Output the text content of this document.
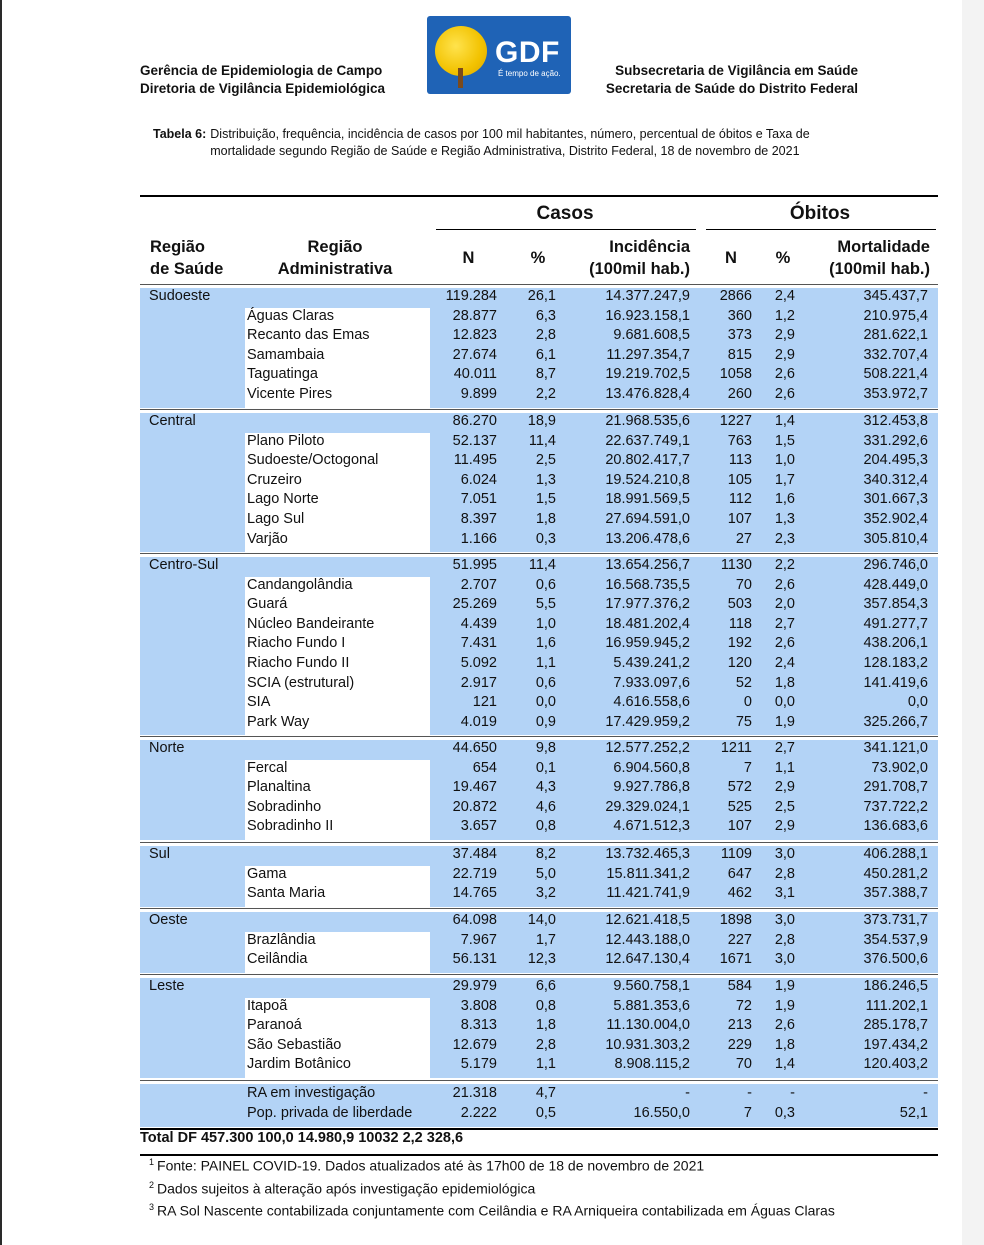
Gerência de Epidemiologia de Campo
Diretoria de Vigilância Epidemiológica
GDF
É tempo de ação.	Subsecretaria de Vigilância em Saúde
Secretaria de Saúde do Distrito Federal
Tabela 6: Distribuição, frequência, incidência de casos por 100 mil habitantes, número, percentual de óbitos e Taxa de mortalidade segundo Região de Saúde e Região Administrativa, Distrito Federal, 18 de novembro de 2021
Casos	Óbitos
Região
de Saúde
Região
Administrativa
N	%
Incidência
(100mil hab.)
N	%
Mortalidade
(100mil hab.)
Sudoeste	119.284 26,1	14.377.247,9 2866 2,4	345.437,7
Águas Claras	28.877	6,3	16.923.158,1	360 1,2	210.975,4
Recanto das Emas	12.823	2,8	9.681.608,5	373 2,9	281.622,1
Samambaia	27.674	6,1	11.297.354,7	815 2,9	332.707,4
Taguatinga	40.011	8,7	19.219.702,5 1058 2,6	508.221,4
Vicente Pires	9.899	2,2	13.476.828,4	260 2,6	353.972,7
Central	86.270 18,9	21.968.535,6 1227 1,4	312.453,8
Plano Piloto	52.137 11,4	22.637.749,1	763 1,5	331.292,6
Sudoeste/Octogonal	11.495	2,5	20.802.417,7	113 1,0	204.495,3
Cruzeiro	6.024	1,3	19.524.210,8	105 1,7	340.312,4
Lago Norte	7.051	1,5	18.991.569,5	112 1,6	301.667,3
Lago Sul	8.397	1,8	27.694.591,0	107 1,3	352.902,4
Varjão	1.166	0,3	13.206.478,6	27 2,3	305.810,4
Centro-Sul	51.995 11,4	13.654.256,7 1130 2,2	296.746,0
Candangolândia	2.707	0,6	16.568.735,5	70 2,6	428.449,0
Guará	25.269	5,5	17.977.376,2	503 2,0	357.854,3
Núcleo Bandeirante	4.439	1,0	18.481.202,4	118 2,7	491.277,7
Riacho Fundo I	7.431	1,6	16.959.945,2	192 2,6	438.206,1
Riacho Fundo II	5.092	1,1	5.439.241,2	120 2,4	128.183,2
SCIA (estrutural)	2.917	0,6	7.933.097,6	52 1,8	141.419,6
SIA	121	0,0	4.616.558,6	0 0,0	0,0
Park Way	4.019	0,9	17.429.959,2	75 1,9	325.266,7
Norte	44.650	9,8	12.577.252,2 1211 2,7	341.121,0
Fercal	654	0,1	6.904.560,8	7 1,1	73.902,0
Planaltina	19.467	4,3	9.927.786,8	572 2,9	291.708,7
Sobradinho	20.872	4,6	29.329.024,1	525 2,5	737.722,2
Sobradinho II	3.657	0,8	4.671.512,3	107 2,9	136.683,6
Sul	37.484	8,2	13.732.465,3 1109 3,0	406.288,1
Gama	22.719	5,0	15.811.341,2	647 2,8	450.281,2
Santa Maria	14.765	3,2	11.421.741,9	462 3,1	357.388,7
Oeste	64.098 14,0	12.621.418,5 1898 3,0	373.731,7
Brazlândia	7.967	1,7	12.443.188,0	227 2,8	354.537,9
Ceilândia	56.131 12,3	12.647.130,4 1671 3,0	376.500,6
Leste	29.979	6,6	9.560.758,1	584 1,9	186.246,5
Itapoã	3.808	0,8	5.881.353,6	72 1,9	111.202,1
Paranoá	8.313	1,8	11.130.004,0	213 2,6	285.178,7
São Sebastião	12.679	2,8	10.931.303,2	229 1,8	197.434,2
Jardim Botânico	5.179	1,1	8.908.115,2	70 1,4	120.403,2
RA em investigação	21.318	4,7	-	-	-	-
Pop. privada de liberdade	2.222	0,5	16.550,0	7 0,3	52,1
Total DF 457.300 100,0 14.980,9 10032 2,2 328,6
$^1$ Fonte: PAINEL COVID-19. Dados atualizados até às 17h00 de 18 de novembro de 2021
$^2$ Dados sujeitos à alteração após investigação epidemiológica
$^3$ RA Sol Nascente contabilizada conjuntamente com Ceilândia e RA Arniqueira contabilizada em Águas Claras
